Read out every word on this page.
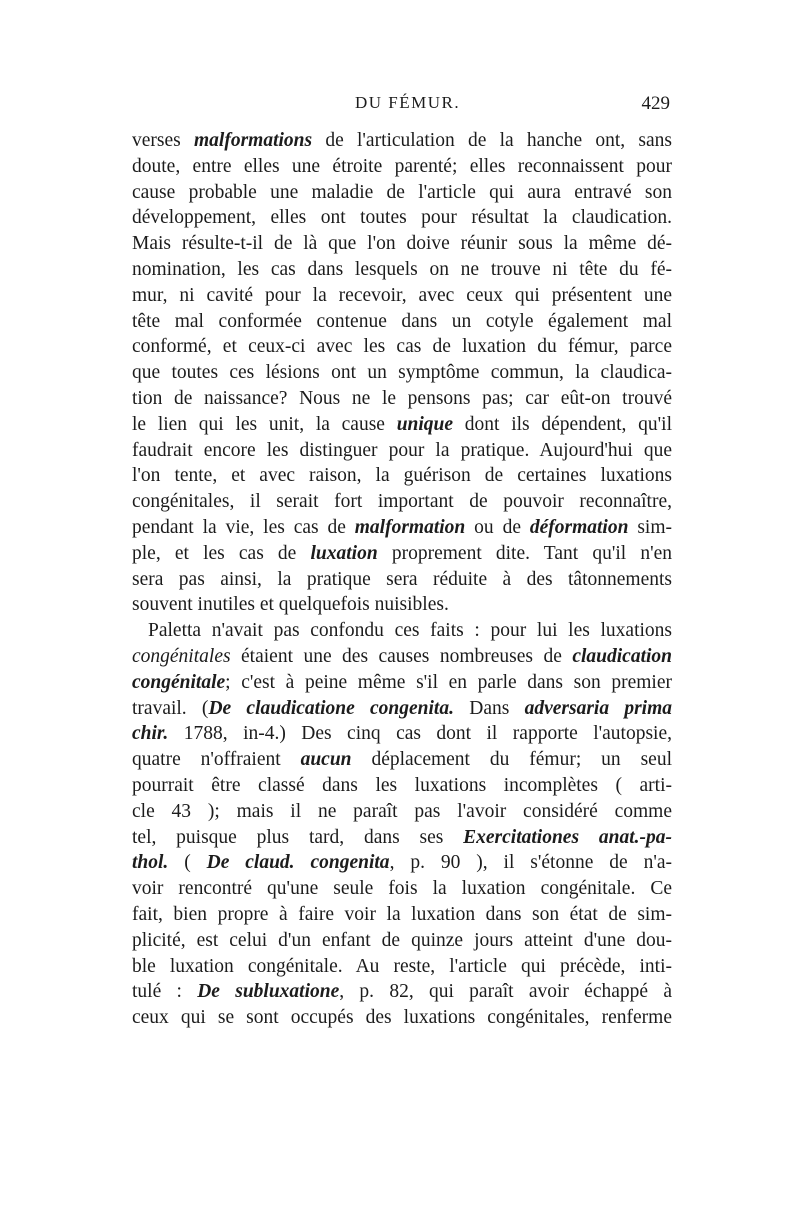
DU FÉMUR.	429
verses malformations de l'articulation de la hanche ont, sans
doute, entre elles une étroite parenté; elles reconnaissent pour
cause probable une maladie de l'article qui aura entravé son
développement, elles ont toutes pour résultat la claudication.
Mais résulte-t-il de là que l'on doive réunir sous la même dé-
nomination, les cas dans lesquels on ne trouve ni tête du fé-
mur, ni cavité pour la recevoir, avec ceux qui présentent une
tête mal conformée contenue dans un cotyle également mal
conformé, et ceux-ci avec les cas de luxation du fémur, parce
que toutes ces lésions ont un symptôme commun, la claudica-
tion de naissance? Nous ne le pensons pas; car eût-on trouvé
le lien qui les unit, la cause unique dont ils dépendent, qu'il
faudrait encore les distinguer pour la pratique. Aujourd'hui que
l'on tente, et avec raison, la guérison de certaines luxations
congénitales, il serait fort important de pouvoir reconnaître,
pendant la vie, les cas de malformation ou de déformation sim-
ple, et les cas de luxation proprement dite. Tant qu'il n'en
sera pas ainsi, la pratique sera réduite à des tâtonnements
souvent inutiles et quelquefois nuisibles.
Paletta n'avait pas confondu ces faits : pour lui les luxations
congénitales étaient une des causes nombreuses de claudication
congénitale; c'est à peine même s'il en parle dans son premier
travail. (De claudicatione congenita. Dans adversaria prima
chir. 1788, in-4.) Des cinq cas dont il rapporte l'autopsie,
quatre n'offraient aucun déplacement du fémur; un seul
pourrait être classé dans les luxations incomplètes ( arti-
cle 43 ); mais il ne paraît pas l'avoir considéré comme
tel, puisque plus tard, dans ses Exercitationes anat.-pa-
thol. ( De claud. congenita, p. 90 ), il s'étonne de n'a-
voir rencontré qu'une seule fois la luxation congénitale. Ce
fait, bien propre à faire voir la luxation dans son état de sim-
plicité, est celui d'un enfant de quinze jours atteint d'une dou-
ble luxation congénitale. Au reste, l'article qui précède, inti-
tulé : De subluxatione, p. 82, qui paraît avoir échappé à
ceux qui se sont occupés des luxations congénitales, renferme
